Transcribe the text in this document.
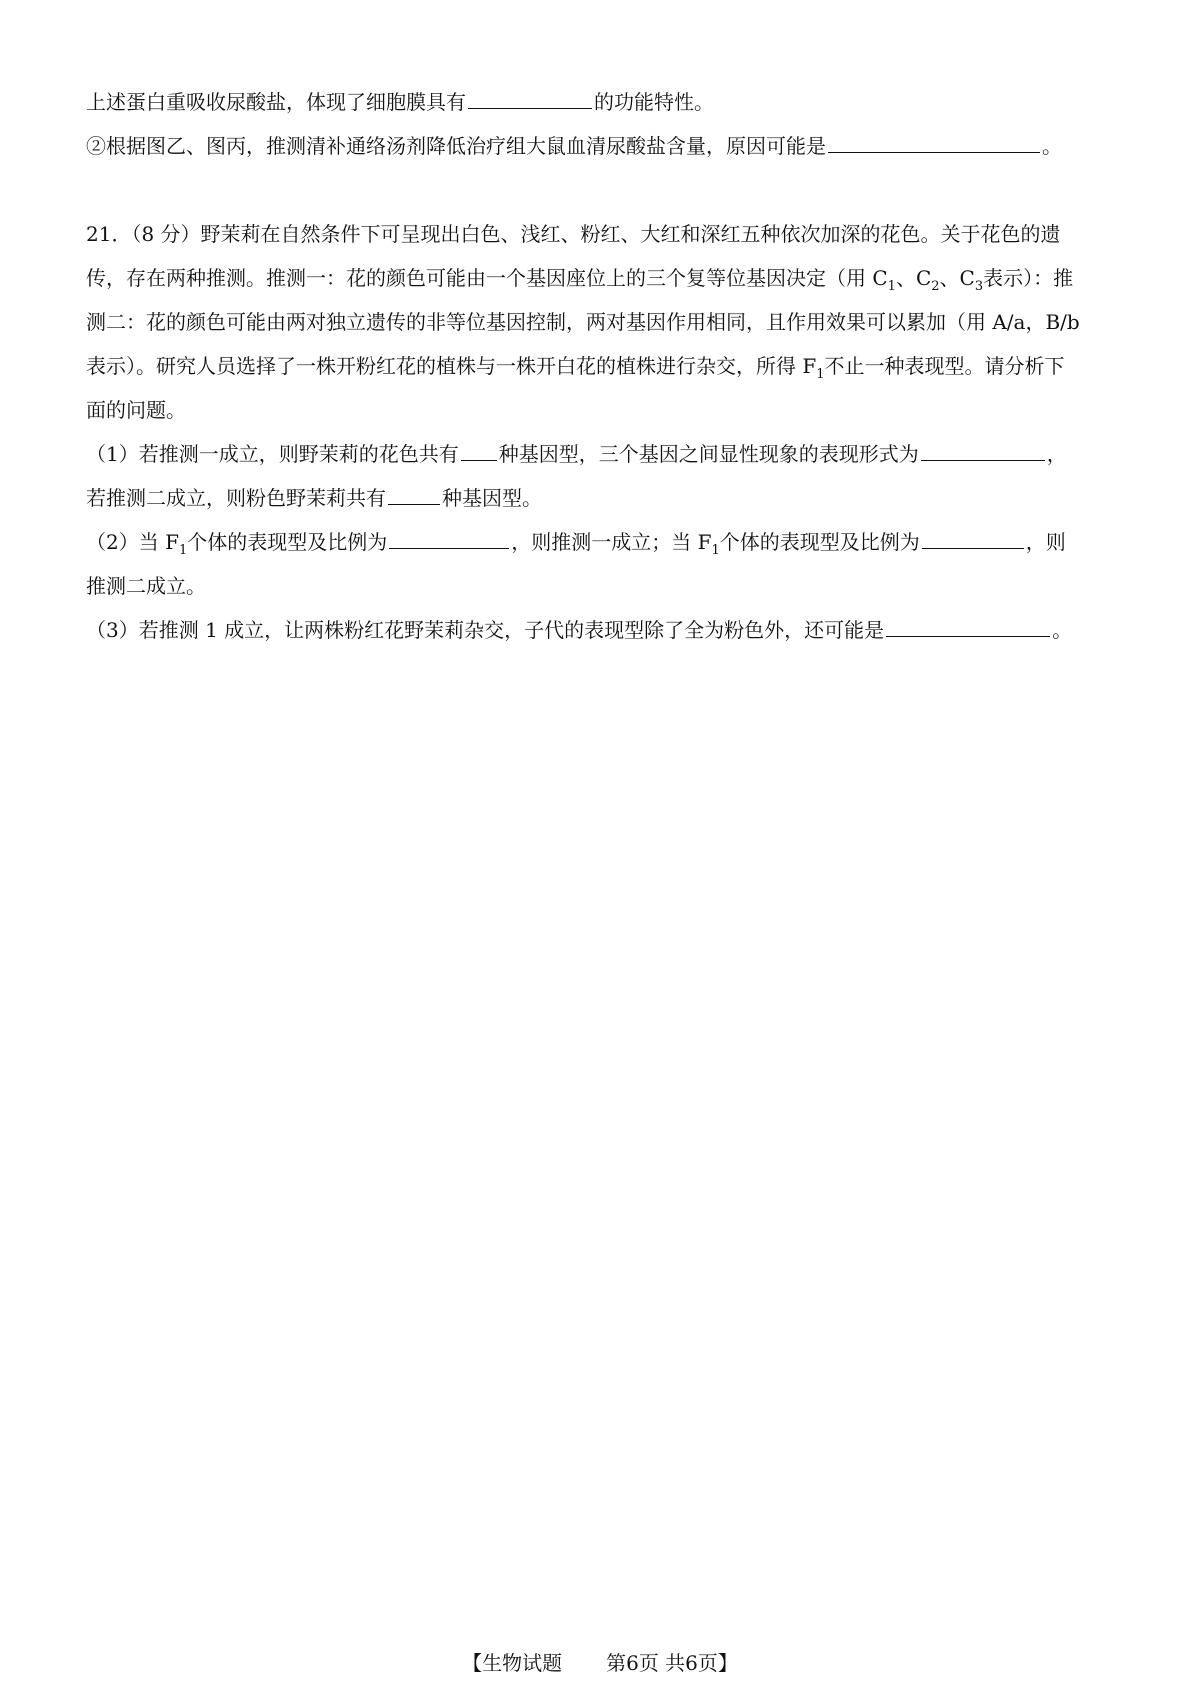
上述蛋白重吸收尿酸盐，体现了细胞膜具有	的功能特性。
②根据图乙、图丙，推测清补通络汤剂降低治疗组大鼠血清尿酸盐含量，原因可能是	。
21．（8 分）野茉莉在自然条件下可呈现出白色、浅红、粉红、大红和深红五种依次加深的花色。关于花色的遗
传，存在两种推测。推测一：花的颜色可能由一个基因座位上的三个复等位基因决定（用 $C_1$、$C_2$、$C_3$表示）：推
测二：花的颜色可能由两对独立遗传的非等位基因控制，两对基因作用相同，且作用效果可以累加（用 A/a，B/b
表示）。研究人员选择了一株开粉红花的植株与一株开白花的植株进行杂交，所得 $F_1$不止一种表现型。请分析下
面的问题。
（1）若推测一成立，则野茉莉的花色共有 种基因型，三个基因之间显性现象的表现形式为	，
若推测二成立，则粉色野茉莉共有	种基因型。
（2）当 $F_1$个体的表现型及比例为	，则推测一成立；当 $F_1$个体的表现型及比例为	，则
推测二成立。
（3）若推测 1 成立，让两株粉红花野茉莉杂交，子代的表现型除了全为粉色外，还可能是	。
【生物试题 第6页 共6页】
